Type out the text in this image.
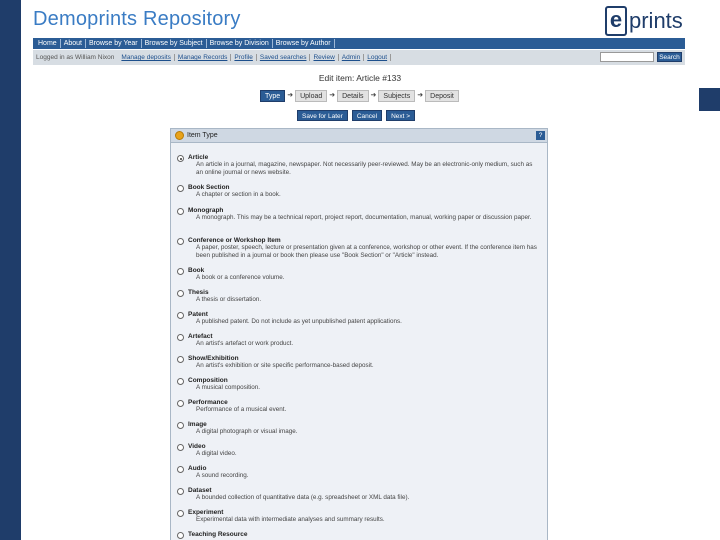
Demoprints Repository	e prints
Home	About	Browse by Year	Browse by Subject	Browse by Division	Browse by Author
Logged in as William Nixon	Manage deposits	Manage Records	Profile	Saved searches	Review	Admin	Logout	Search
Edit item: Article #133
Type	➜	Upload	➜	Details	➜	Subjects	➜	Deposit
Save for Later	Cancel	Next >
Item Type	?
Article
An article in a journal, magazine, newspaper. Not necessarily peer-reviewed. May be an electronic-only medium, such as an online journal or news website.
Book Section
A chapter or section in a book.
Monograph
A monograph. This may be a technical report, project report, documentation, manual, working paper or discussion paper.
Conference or Workshop Item
A paper, poster, speech, lecture or presentation given at a conference, workshop or other event. If the conference item has been published in a journal or book then please use "Book Section" or "Article" instead.
Book
A book or a conference volume.
Thesis
A thesis or dissertation.
Patent
A published patent. Do not include as yet unpublished patent applications.
Artefact
An artist's artefact or work product.
Show/Exhibition
An artist's exhibition or site specific performance-based deposit.
Composition
A musical composition.
Performance
Performance of a musical event.
Image
A digital photograph or visual image.
Video
A digital video.
Audio
A sound recording.
Dataset
A bounded collection of quantitative data (e.g. spreadsheet or XML data file).
Experiment
Experimental data with intermediate analyses and summary results.
Teaching Resource
